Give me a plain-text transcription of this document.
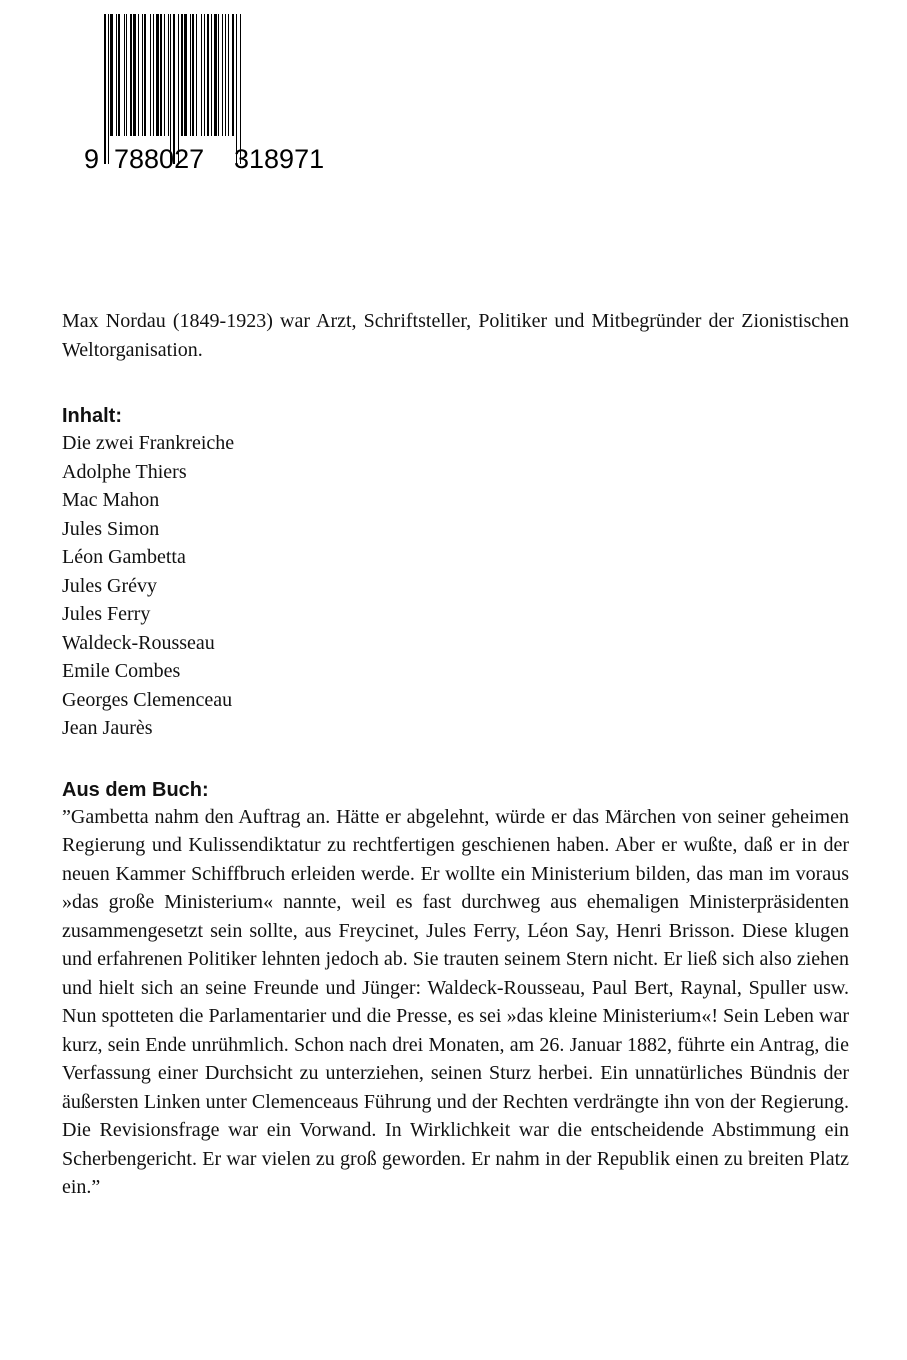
9 788027 318971

Max Nordau (1849-1923) war Arzt, Schriftsteller, Politiker und Mitbegründer der Zionistischen Weltorganisation.

Inhalt:
Die zwei Frankreiche
Adolphe Thiers
Mac Mahon
Jules Simon
Léon Gambetta
Jules Grévy
Jules Ferry
Waldeck-Rousseau
Emile Combes
Georges Clemenceau
Jean Jaurès
Aus dem Buch:

”Gambetta nahm den Auftrag an. Hätte er abgelehnt, würde er das Märchen von seiner geheimen Regierung und Kulissendiktatur zu rechtfertigen geschienen haben. Aber er wußte, daß er in der neuen Kammer Schiffbruch erleiden werde. Er wollte ein Ministerium bilden, das man im voraus »das große Ministerium« nannte, weil es fast durchweg aus ehemaligen Ministerpräsidenten zusammengesetzt sein sollte, aus Freycinet, Jules Ferry, Léon Say, Henri Brisson. Diese klugen und erfahrenen Politiker lehnten jedoch ab. Sie trauten seinem Stern nicht. Er ließ sich also ziehen und hielt sich an seine Freunde und Jünger: Waldeck-Rousseau, Paul Bert, Raynal, Spuller usw. Nun spotteten die Parlamentarier und die Presse, es sei »das kleine Ministerium«! Sein Leben war kurz, sein Ende unrühmlich. Schon nach drei Monaten, am 26. Januar 1882, führte ein Antrag, die Verfassung einer Durchsicht zu unterziehen, seinen Sturz herbei. Ein unnatürliches Bündnis der äußersten Linken unter Clemenceaus Führung und der Rechten verdrängte ihn von der Regierung. Die Revisionsfrage war ein Vorwand. In Wirklichkeit war die entscheidende Abstimmung ein Scherbengericht. Er war vielen zu groß geworden. Er nahm in der Republik einen zu breiten Platz ein.”
